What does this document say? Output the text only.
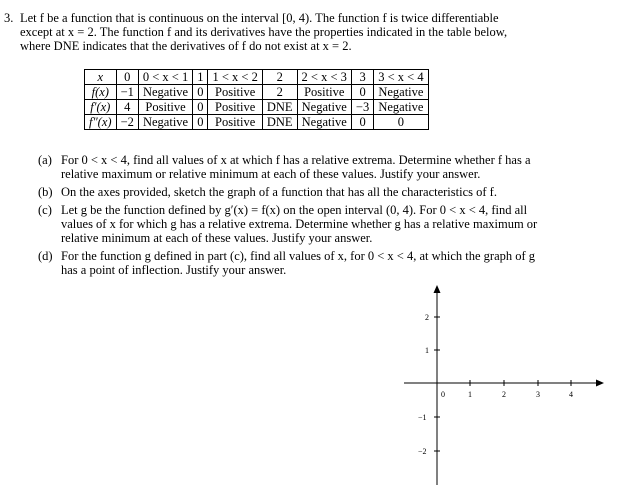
3. Let f be a function that is continuous on the interval [0, 4). The function f is twice differentiable
except at x = 2. The function f and its derivatives have the properties indicated in the table below,
where DNE indicates that the derivatives of f do not exist at x = 2.
x	0	0 < x < 1	1	1 < x < 2	2	2 < x < 3	3	3 < x < 4
f(x)	−1	Negative	0	Positive	2	Positive	0	Negative
f′(x)	4	Positive	0	Positive	DNE	Negative	−3	Negative
f″(x)	−2	Negative	0	Positive	DNE	Negative	0	0
(a) For 0 < x < 4, find all values of x at which f has a relative extrema. Determine whether f has a
relative maximum or relative minimum at each of these values. Justify your answer.
(b) On the axes provided, sketch the graph of a function that has all the characteristics of f.
(c) Let g be the function defined by g′(x) = f(x) on the open interval (0, 4). For 0 < x < 4, find all
values of x for which g has a relative extrema. Determine whether g has a relative maximum or
relative minimum at each of these values. Justify your answer.
(d) For the function g defined in part (c), find all values of x, for 0 < x < 4, at which the graph of g
has a point of inflection. Justify your answer.
0	1	2	3	4
2
1
−1
−2
